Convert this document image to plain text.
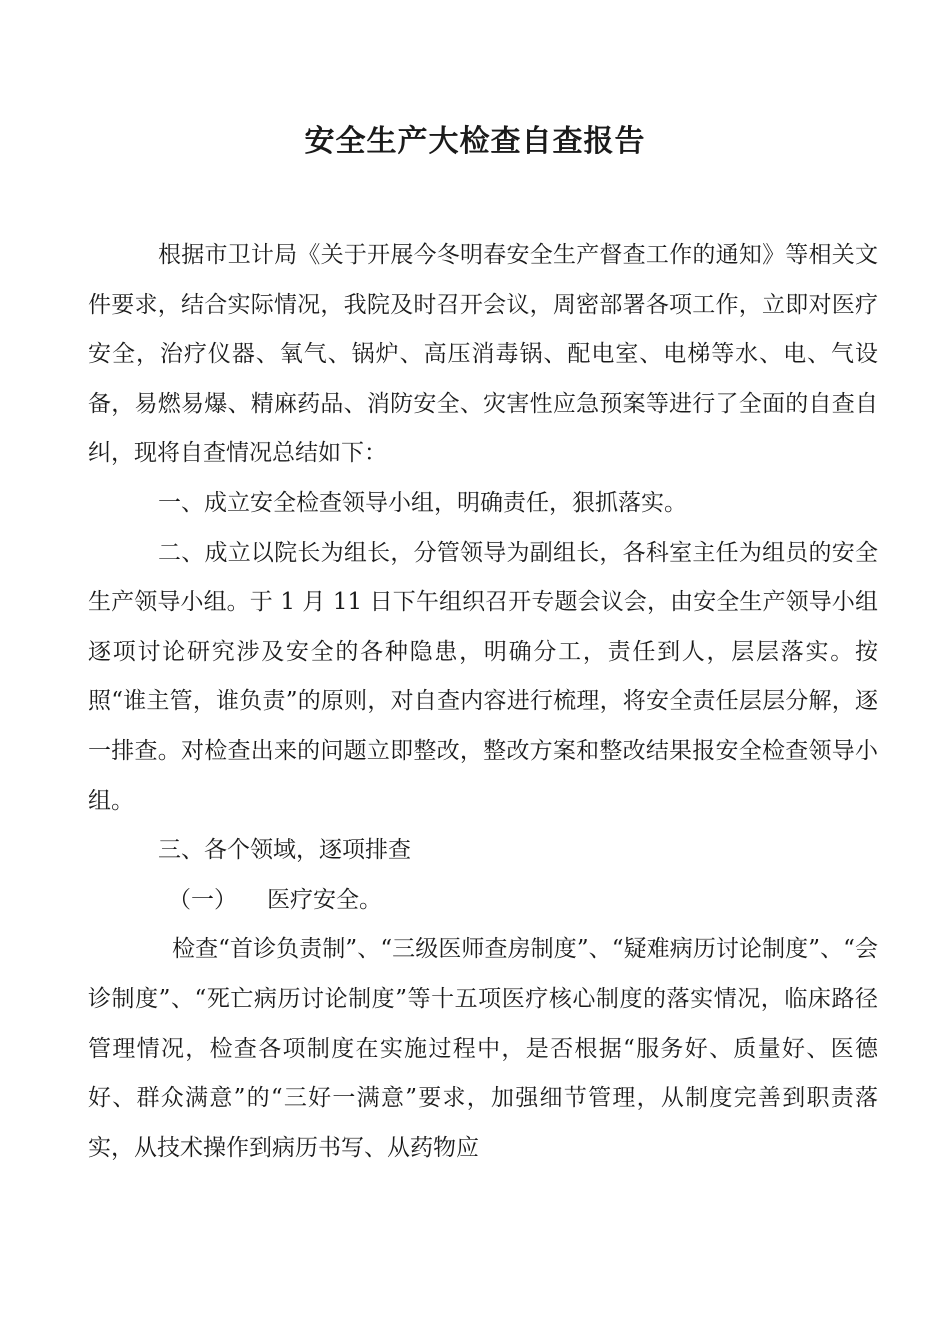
安全生产大检查自查报告

根据市卫计局《关于开展今冬明春安全生产督查工作的通知》等相关文件要求，结合实际情况，我院及时召开会议，周密部署各项工作，立即对医疗安全，治疗仪器、氧气、锅炉、高压消毒锅、配电室、电梯等水、电、气设备，易燃易爆、精麻药品、消防安全、灾害性应急预案等进行了全面的自查自纠，现将自查情况总结如下：

一、成立安全检查领导小组，明确责任，狠抓落实。

二、成立以院长为组长，分管领导为副组长，各科室主任为组员的安全生产领导小组。于 1 月 11 日下午组织召开专题会议会，由安全生产领导小组逐项讨论研究涉及安全的各种隐患，明确分工，责任到人，层层落实。按照“谁主管，谁负责”的原则，对自查内容进行梳理，将安全责任层层分解，逐一排查。对检查出来的问题立即整改，整改方案和整改结果报安全检查领导小组。

三、各个领域，逐项排查

（一） 医疗安全。

检查“首诊负责制”、“三级医师查房制度”、“疑难病历讨论制度”、“会诊制度”、“死亡病历讨论制度”等十五项医疗核心制度的落实情况，临床路径管理情况，检查各项制度在实施过程中，是否根据“服务好、质量好、医德好、群众满意”的“三好一满意”要求，加强细节管理，从制度完善到职责落实，从技术操作到病历书写、从药物应
